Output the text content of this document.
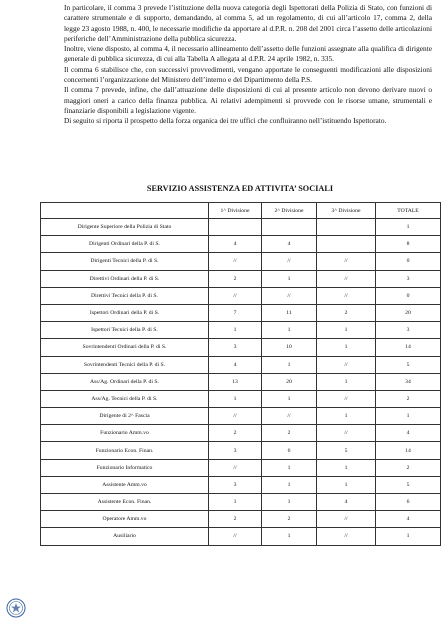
In particolare, il comma 3 prevede l’istituzione della nuova categoria degli Ispettorati della Polizia di Stato, con funzioni di carattere strumentale e di supporto, demandando, al comma 5, ad un regolamento, di cui all’articolo 17, comma 2, della legge 23 agosto 1988, n. 400, le necessarie modifiche da apportare al d.P.R. n. 208 del 2001 circa l’assetto delle articolazioni periferiche dell’Amministrazione della pubblica sicurezza.

Inoltre, viene disposto, al comma 4, il necessario allineamento dell’assetto delle funzioni assegnate alla qualifica di dirigente generale di pubblica sicurezza, di cui alla Tabella A allegata al d.P.R. 24 aprile 1982, n. 335.

Il comma 6 stabilisce che, con successivi provvedimenti, vengano apportate le conseguenti modificazioni alle disposizioni concernenti l’organizzazione del Ministero dell’interno e del Dipartimento della P.S.

Il comma 7 prevede, infine, che dall’attuazione delle disposizioni di cui al presente articolo non devono derivare nuovi o maggiori oneri a carico della finanza pubblica. Ai relativi adempimenti si provvede con le risorse umane, strumentali e finanziarie disponibili a legislazione vigente.

Di seguito si riporta il prospetto della forza organica dei tre uffici che confluiranno nell’istituendo Ispettorato.

SERVIZIO ASSISTENZA ED ATTIVITA’ SOCIALI
	1^ Divisione	2^ Divisione	3^ Divisione	TOTALE
Dirigente Superiore della Polizia di Stato				1
Dirigenti Ordinari della P. di S.	4	4		8
Dirigenti Tecnici della P. di S.	//	//	//	0
Direttivi Ordinari della P. di S.	2	1	//	3
Direttivi Tecnici della P. di S.	//	//	//	0
Ispettori Ordinari della P. di S.	7	11	2	20
Ispettori Tecnici della P. di S.	1	1	1	3
Sovrintendenti Ordinari della P. di S.	3	10	1	14
Sovrintendenti Tecnici della P. di S.	4	1	//	5
Ass/Ag. Ordinari della P. di S.	13	20	1	34
Ass/Ag. Tecnici della P. di S.	1	1	//	2
Dirigente di 2^ Fascia	//	//	1	1
Funzionario Amm.vo	2	2	//	4
Funzionario Econ. Finan.	3	6	5	14
Funzionario Informatico	//	1	1	2
Assistente Amm.vo	3	1	1	5
Assistente Econ. Finan.	1	1	4	6
Operatore Amm.vo	2	2	//	4
Ausiliario	//	1	//	1
